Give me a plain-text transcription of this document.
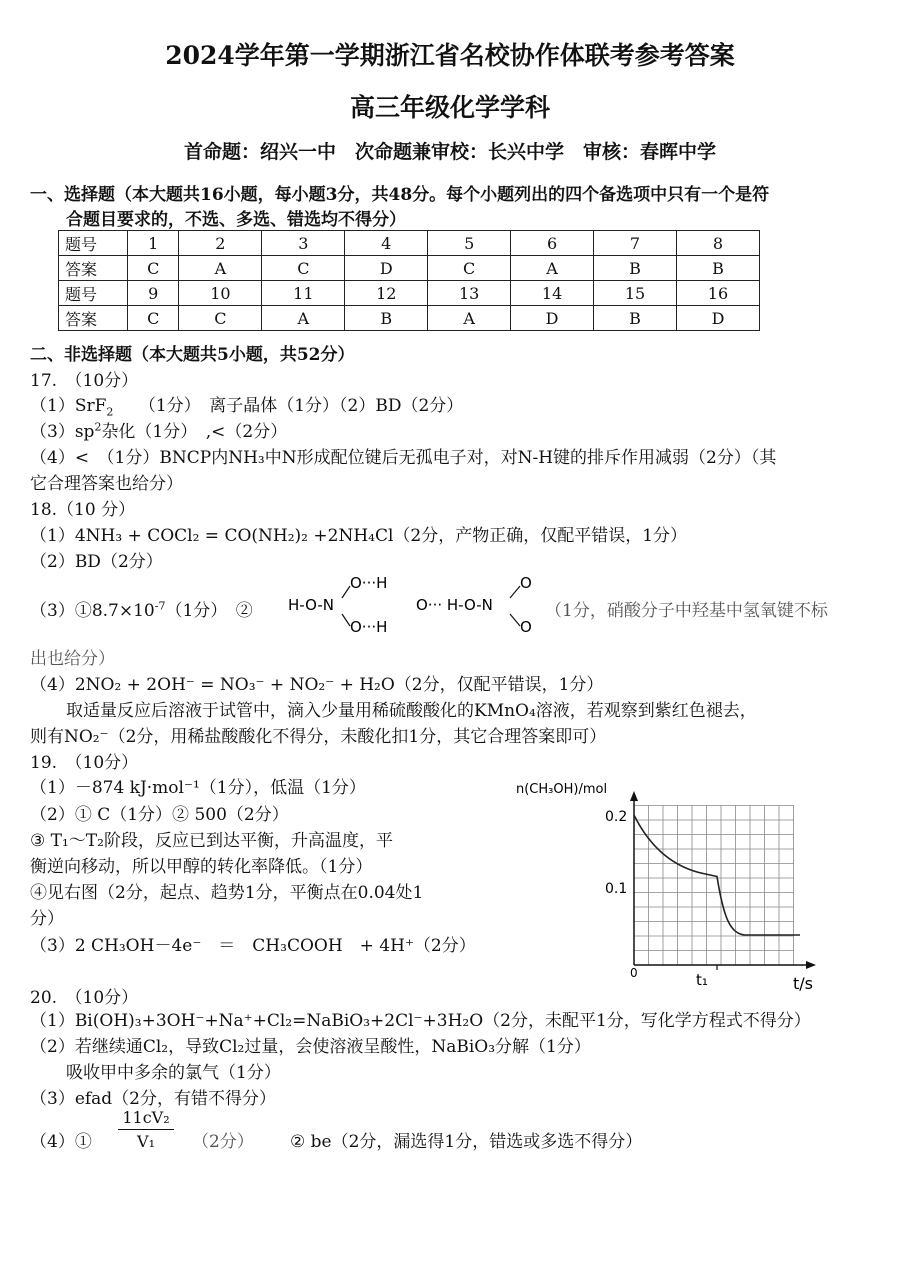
2024学年第一学期浙江省名校协作体联考参考答案
高三年级化学学科
首命题：绍兴一中　次命题兼审校：长兴中学　审核：春晖中学
一、选择题（本大题共16小题，每小题3分，共48分。每个小题列出的四个备选项中只有一个是符
合题目要求的，不选、多选、错选均不得分）
题号	1	2	3	4	5	6	7	8
答案	C	A	C	D	C	A	B	B
题号	9	10	11	12	13	14	15	16
答案	C	C	A	B	A	D	B	D
二、非选择题（本大题共5小题，共52分）
17.　（10分）
（1）SrF$_2$　　（1分）　离子晶体（1分）（2）BD（2分）
$(3)sp^2$杂化（1分）　,<（2分）
（4）<　（1分）BNCP内NH₃中N形成配位键后无孤电子对，对N-H键的排斥作用减弱（2分）（其
它合理答案也给分）
18.（10 分）
（1）4NH₃ + COCl₂ = CO(NH₂)₂ +2NH₄Cl（2分，产物正确，仅配平错误，1分）
（2）BD（2分）
$(3)①8.7\times 10^{-7}(1$分）　②
O···H
H-O-N	O··· H-O-N
O···H
O
O
（1分，硝酸分子中羟基中氢氧键不标
出也给分）
（4）2NO₂ + 2OH⁻ = NO₃⁻ + NO₂⁻ + H₂O（2分，仅配平错误，1分）
取适量反应后溶液于试管中，滴入少量用稀硫酸酸化的KMnO₄溶液，若观察到紫红色褪去，
则有NO₂⁻（2分，用稀盐酸酸化不得分，未酸化扣1分，其它合理答案即可）
19.　（10分）
（1）－874 kJ·mol⁻¹（1分），低温（1分）
（2）① C（1分）② 500（2分）
③ T₁～T₂阶段，反应已到达平衡，升高温度，平
衡逆向移动，所以甲醇的转化率降低。（1分）
④见右图（2分，起点、趋势1分，平衡点在0.04处1
分）
（3）2 CH₃OH－4e⁻　＝　CH₃COOH　+ 4H⁺（2分）
n(CH₃OH)/mol
t/s
0.2
0.1
0	t₁
20.　（10分）
（1）Bi(OH)₃+3OH⁻+Na⁺+Cl₂=NaBiO₃+2Cl⁻+3H₂O（2分，未配平1分，写化学方程式不得分）
（2）若继续通Cl₂，导致Cl₂过量，会使溶液呈酸性，NaBiO₃分解（1分）
吸收甲中多余的氯气（1分）
（3）efad（2分，有错不得分）
（4）① $\frac{\text{11cV₂}}{\text{V₁}} (2$分） ② be（2分，漏选得1分，错选或多选不得分）
